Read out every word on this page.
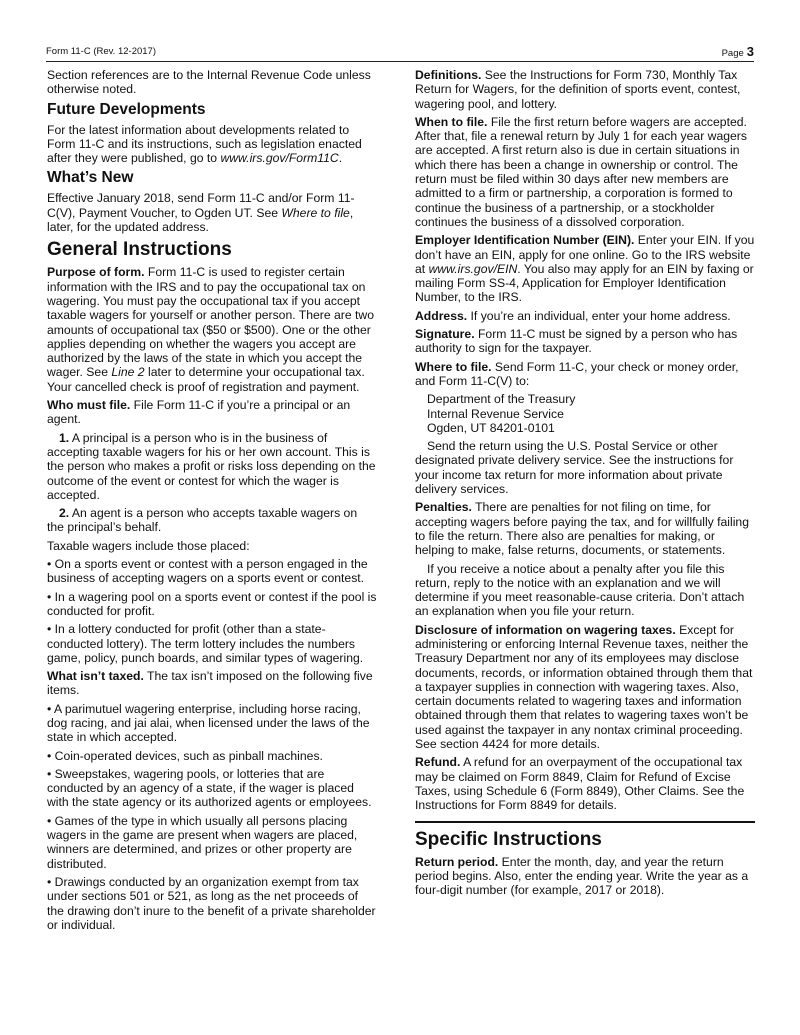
Form 11-C (Rev. 12-2017)	Page 3

Section references are to the Internal Revenue Code unless otherwise noted.

Future Developments

For the latest information about developments related to Form 11-C and its instructions, such as legislation enacted after they were published, go to www.irs.gov/Form11C.

What’s New

Effective January 2018, send Form 11-C and/or Form 11-C(V), Payment Voucher, to Ogden UT. See Where to file, later, for the updated address.

General Instructions

Purpose of form. Form 11-C is used to register certain information with the IRS and to pay the occupational tax on wagering. You must pay the occupational tax if you accept taxable wagers for yourself or another person. There are two amounts of occupational tax ($50 or $500). One or the other applies depending on whether the wagers you accept are authorized by the laws of the state in which you accept the wager. See Line 2 later to determine your occupational tax. Your cancelled check is proof of registration and payment.

Who must file. File Form 11-C if you’re a principal or an agent.

1. A principal is a person who is in the business of accepting taxable wagers for his or her own account. This is the person who makes a profit or risks loss depending on the outcome of the event or contest for which the wager is accepted.

2. An agent is a person who accepts taxable wagers on the principal’s behalf.

Taxable wagers include those placed:

• On a sports event or contest with a person engaged in the business of accepting wagers on a sports event or contest.

• In a wagering pool on a sports event or contest if the pool is conducted for profit.

• In a lottery conducted for profit (other than a state-conducted lottery). The term lottery includes the numbers game, policy, punch boards, and similar types of wagering.

What isn’t taxed. The tax isn’t imposed on the following five items.

• A parimutuel wagering enterprise, including horse racing, dog racing, and jai alai, when licensed under the laws of the state in which accepted.

• Coin-operated devices, such as pinball machines.

• Sweepstakes, wagering pools, or lotteries that are conducted by an agency of a state, if the wager is placed with the state agency or its authorized agents or employees.

• Games of the type in which usually all persons placing wagers in the game are present when wagers are placed, winners are determined, and prizes or other property are distributed.

• Drawings conducted by an organization exempt from tax under sections 501 or 521, as long as the net proceeds of the drawing don’t inure to the benefit of a private shareholder or individual.

Definitions. See the Instructions for Form 730, Monthly Tax Return for Wagers, for the definition of sports event, contest, wagering pool, and lottery.

When to file. File the first return before wagers are accepted. After that, file a renewal return by July 1 for each year wagers are accepted. A first return also is due in certain situations in which there has been a change in ownership or control. The return must be filed within 30 days after new members are admitted to a firm or partnership, a corporation is formed to continue the business of a partnership, or a stockholder continues the business of a dissolved corporation.

Employer Identification Number (EIN). Enter your EIN. If you don’t have an EIN, apply for one online. Go to the IRS website at www.irs.gov/EIN. You also may apply for an EIN by faxing or mailing Form SS-4, Application for Employer Identification Number, to the IRS.

Address. If you’re an individual, enter your home address.

Signature. Form 11-C must be signed by a person who has authority to sign for the taxpayer.

Where to file. Send Form 11-C, your check or money order, and Form 11-C(V) to:

Department of the Treasury
Internal Revenue Service
Ogden, UT 84201-0101

Send the return using the U.S. Postal Service or other designated private delivery service. See the instructions for your income tax return for more information about private delivery services.

Penalties. There are penalties for not filing on time, for accepting wagers before paying the tax, and for willfully failing to file the return. There also are penalties for making, or helping to make, false returns, documents, or statements.

If you receive a notice about a penalty after you file this return, reply to the notice with an explanation and we will determine if you meet reasonable-cause criteria. Don’t attach an explanation when you file your return.

Disclosure of information on wagering taxes. Except for administering or enforcing Internal Revenue taxes, neither the Treasury Department nor any of its employees may disclose documents, records, or information obtained through them that a taxpayer supplies in connection with wagering taxes. Also, certain documents related to wagering taxes and information obtained through them that relates to wagering taxes won’t be used against the taxpayer in any nontax criminal proceeding. See section 4424 for more details.

Refund. A refund for an overpayment of the occupational tax may be claimed on Form 8849, Claim for Refund of Excise Taxes, using Schedule 6 (Form 8849), Other Claims. See the Instructions for Form 8849 for details.

Specific Instructions

Return period. Enter the month, day, and year the return period begins. Also, enter the ending year. Write the year as a four-digit number (for example, 2017 or 2018).
